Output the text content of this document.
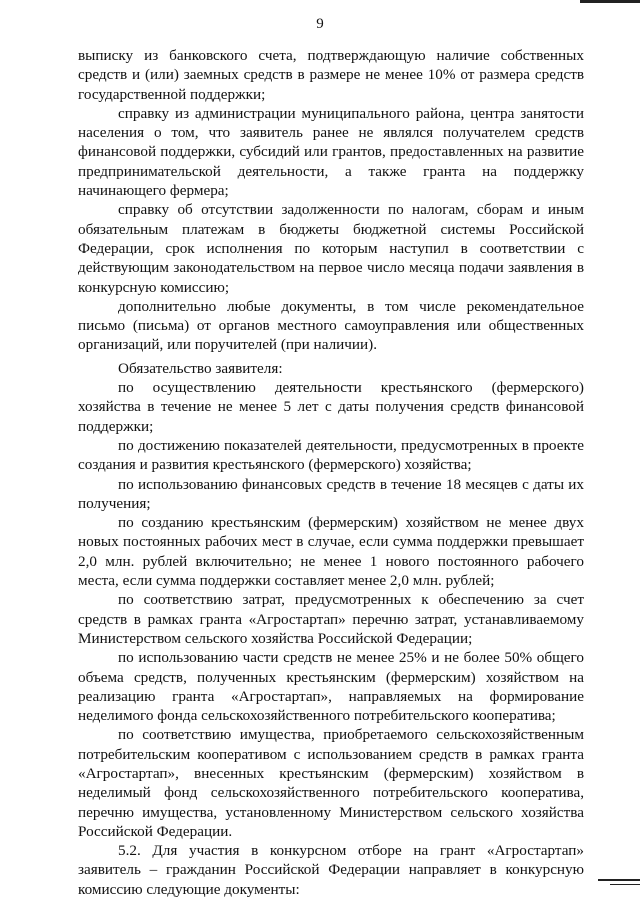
9

выписку из банковского счета, подтверждающую наличие собственных средств и (или) заемных средств в размере не менее 10% от размера средств государственной поддержки;

справку из администрации муниципального района, центра занятости населения о том, что заявитель ранее не являлся получателем средств финансовой поддержки, субсидий или грантов, предоставленных на развитие предпринимательской деятельности, а также гранта на поддержку начинающего фермера;

справку об отсутствии задолженности по налогам, сборам и иным обязательным платежам в бюджеты бюджетной системы Российской Федерации, срок исполнения по которым наступил в соответствии с действующим законодательством на первое число месяца подачи заявления в конкурсную комиссию;

дополнительно любые документы, в том числе рекомендательное письмо (письма) от органов местного самоуправления или общественных организаций, или поручителей (при наличии).

Обязательство заявителя:

по осуществлению деятельности крестьянского (фермерского) хозяйства в течение не менее 5 лет с даты получения средств финансовой поддержки;

по достижению показателей деятельности, предусмотренных в проекте создания и развития крестьянского (фермерского) хозяйства;

по использованию финансовых средств в течение 18 месяцев с даты их получения;

по созданию крестьянским (фермерским) хозяйством не менее двух новых постоянных рабочих мест в случае, если сумма поддержки превышает 2,0 млн. рублей включительно; не менее 1 нового постоянного рабочего места, если сумма поддержки составляет менее 2,0 млн. рублей;

по соответствию затрат, предусмотренных к обеспечению за счет средств в рамках гранта «Агростартап» перечню затрат, устанавливаемому Министерством сельского хозяйства Российской Федерации;

по использованию части средств не менее 25% и не более 50% общего объема средств, полученных крестьянским (фермерским) хозяйством на реализацию гранта «Агростартап», направляемых на формирование неделимого фонда сельскохозяйственного потребительского кооператива;

по соответствию имущества, приобретаемого сельскохозяйственным потребительским кооперативом с использованием средств в рамках гранта «Агростартап», внесенных крестьянским (фермерским) хозяйством в неделимый фонд сельскохозяйственного потребительского кооператива, перечню имущества, установленному Министерством сельского хозяйства Российской Федерации.

5.2. Для участия в конкурсном отборе на грант «Агростартап» заявитель – гражданин Российской Федерации направляет в конкурсную комиссию следующие документы:
